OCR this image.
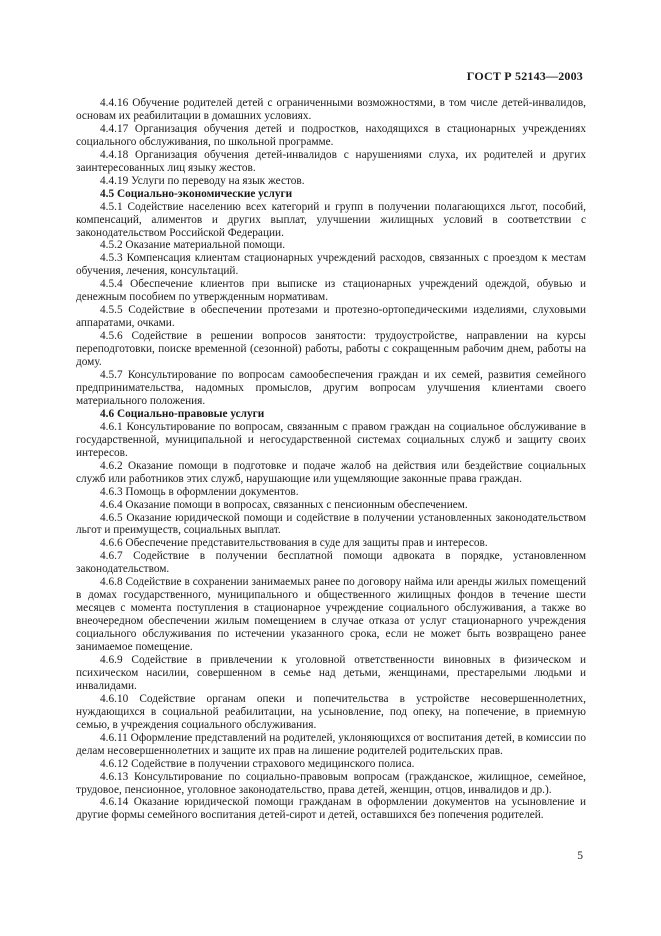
ГОСТ Р 52143—2003

4.4.16 Обучение родителей детей с ограниченными возможностями, в том числе детей-инвалидов, основам их реабилитации в домашних условиях.

4.4.17 Организация обучения детей и подростков, находящихся в стационарных учреждениях социального обслуживания, по школьной программе.

4.4.18 Организация обучения детей-инвалидов с нарушениями слуха, их родителей и других заинтересованных лиц языку жестов.

4.4.19 Услуги по переводу на язык жестов.

4.5 Социально-экономические услуги

4.5.1 Содействие населению всех категорий и групп в получении полагающихся льгот, пособий, компенсаций, алиментов и других выплат, улучшении жилищных условий в соответствии с законодательством Российской Федерации.

4.5.2 Оказание материальной помощи.

4.5.3 Компенсация клиентам стационарных учреждений расходов, связанных с проездом к местам обучения, лечения, консультаций.

4.5.4 Обеспечение клиентов при выписке из стационарных учреждений одеждой, обувью и денежным пособием по утвержденным нормативам.

4.5.5 Содействие в обеспечении протезами и протезно-ортопедическими изделиями, слуховыми аппаратами, очками.

4.5.6 Содействие в решении вопросов занятости: трудоустройстве, направлении на курсы переподготовки, поиске временной (сезонной) работы, работы с сокращенным рабочим днем, работы на дому.

4.5.7 Консультирование по вопросам самообеспечения граждан и их семей, развития семейного предпринимательства, надомных промыслов, другим вопросам улучшения клиентами своего материального положения.

4.6 Социально-правовые услуги

4.6.1 Консультирование по вопросам, связанным с правом граждан на социальное обслуживание в государственной, муниципальной и негосударственной системах социальных служб и защиту своих интересов.

4.6.2 Оказание помощи в подготовке и подаче жалоб на действия или бездействие социальных служб или работников этих служб, нарушающие или ущемляющие законные права граждан.

4.6.3 Помощь в оформлении документов.

4.6.4 Оказание помощи в вопросах, связанных с пенсионным обеспечением.

4.6.5 Оказание юридической помощи и содействие в получении установленных законодательством льгот и преимуществ, социальных выплат.

4.6.6 Обеспечение представительствования в суде для защиты прав и интересов.

4.6.7 Содействие в получении бесплатной помощи адвоката в порядке, установленном законодательством.

4.6.8 Содействие в сохранении занимаемых ранее по договору найма или аренды жилых помещений в домах государственного, муниципального и общественного жилищных фондов в течение шести месяцев с момента поступления в стационарное учреждение социального обслуживания, а также во внеочередном обеспечении жилым помещением в случае отказа от услуг стационарного учреждения социального обслуживания по истечении указанного срока, если не может быть возвращено ранее занимаемое помещение.

4.6.9 Содействие в привлечении к уголовной ответственности виновных в физическом и психическом насилии, совершенном в семье над детьми, женщинами, престарелыми людьми и инвалидами.

4.6.10 Содействие органам опеки и попечительства в устройстве несовершеннолетних, нуждающихся в социальной реабилитации, на усыновление, под опеку, на попечение, в приемную семью, в учреждения социального обслуживания.

4.6.11 Оформление представлений на родителей, уклоняющихся от воспитания детей, в комиссии по делам несовершеннолетних и защите их прав на лишение родителей родительских прав.

4.6.12 Содействие в получении страхового медицинского полиса.

4.6.13 Консультирование по социально-правовым вопросам (гражданское, жилищное, семейное, трудовое, пенсионное, уголовное законодательство, права детей, женщин, отцов, инвалидов и др.).

4.6.14 Оказание юридической помощи гражданам в оформлении документов на усыновление и другие формы семейного воспитания детей-сирот и детей, оставшихся без попечения родителей.

5
